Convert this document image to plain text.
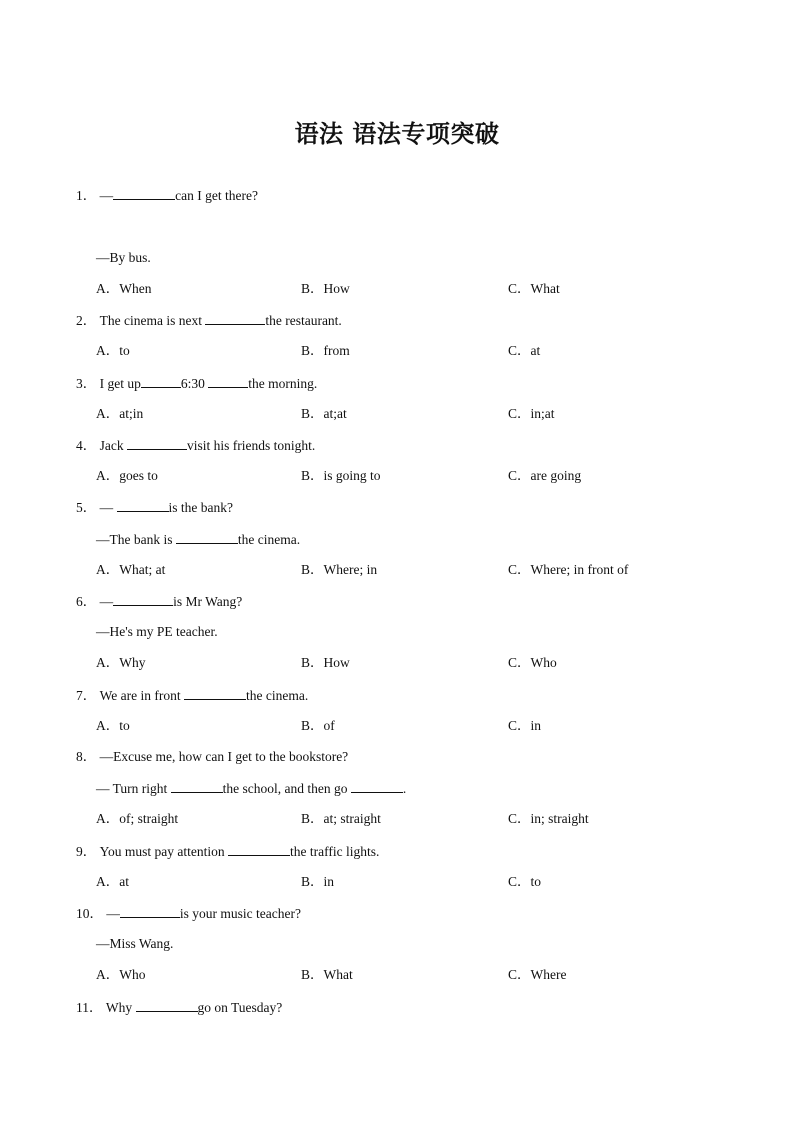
语法 语法专项突破
1． —	can I get there?
—By bus.
A．When	B．How	C．What
2． The cinema is next	the restaurant.
A．to	B．from	C．at
3． I get up	6:30	the morning.
A．at;in	B．at;at	C．in;at
4． Jack	visit his friends tonight.
A．goes to	B．is going to	C．are going
5． —	is the bank?
—The bank is	the cinema.
A．What; at	B．Where; in	C．Where; in front of
6． —	is Mr Wang?
—He's my PE teacher.
A．Why	B．How	C．Who
7． We are in front	the cinema.
A．to	B．of	C．in
8． —Excuse me, how can I get to the bookstore?
— Turn right	the school, and then go	.
A．of; straight	B．at; straight	C．in; straight
9． You must pay attention	the traffic lights.
A．at	B．in	C．to
10． —	is your music teacher?
—Miss Wang.
A．Who	B．What	C．Where
11． Why	go on Tuesday?
